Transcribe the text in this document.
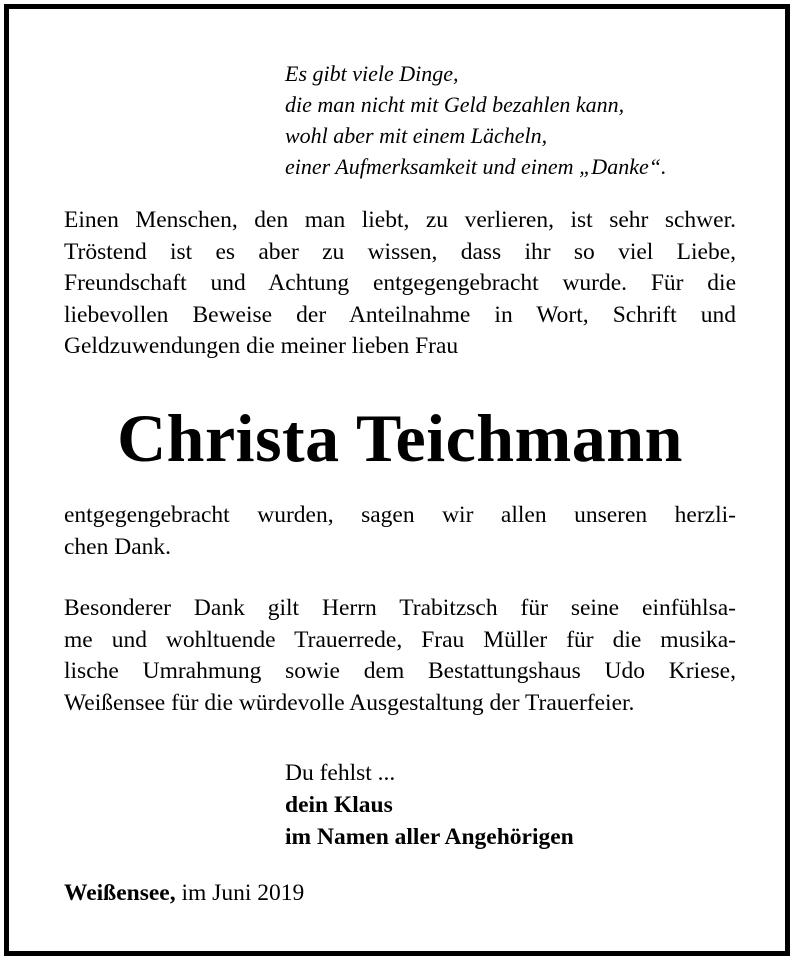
Es gibt viele Dinge,
die man nicht mit Geld bezahlen kann,
wohl aber mit einem Lächeln,
einer Aufmerksamkeit und einem „Danke“.
Einen Menschen, den man liebt, zu verlieren, ist sehr schwer.
Tröstend ist es aber zu wissen, dass ihr so viel Liebe,
Freundschaft und Achtung entgegengebracht wurde. Für die
liebevollen Beweise der Anteilnahme in Wort, Schrift und
Geldzuwendungen die meiner lieben Frau
Christa Teichmann
entgegengebracht wurden, sagen wir allen unseren herzli-
chen Dank.
Besonderer Dank gilt Herrn Trabitzsch für seine einfühlsa-
me und wohltuende Trauerrede, Frau Müller für die musika-
lische Umrahmung sowie dem Bestattungshaus Udo Kriese,
Weißensee für die würdevolle Ausgestaltung der Trauerfeier.
Du fehlst ...
dein Klaus
im Namen aller Angehörigen
Weißensee, im Juni 2019
